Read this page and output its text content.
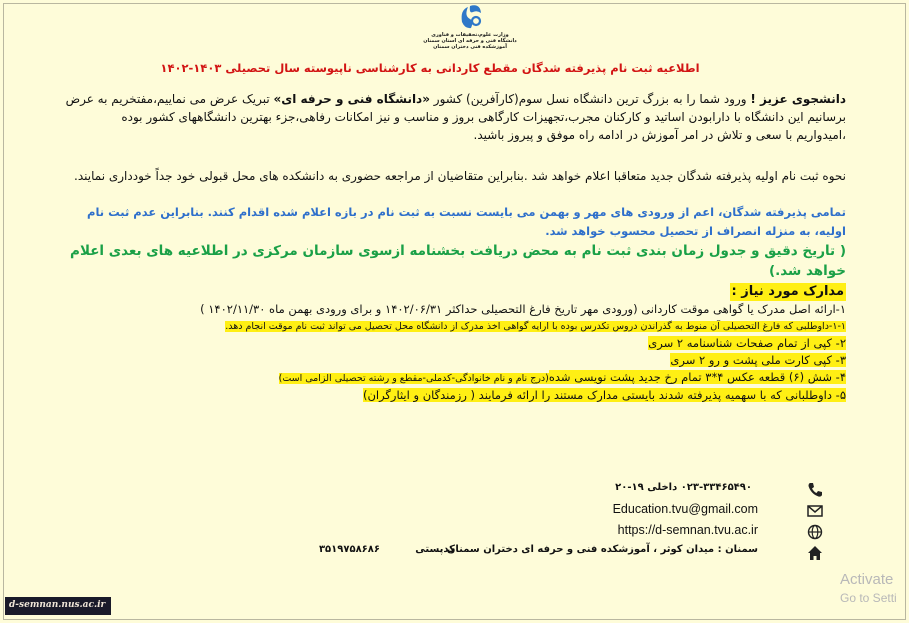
وزارت علوم،تحقیقات و فناوری
دانشگاه فنی و حرفه ای استان سمنان
آموزشکده فنی دختران سمنان
اطلاعیه ثبت نام پذیرفته شدگان مقطع کاردانی به کارشناسی ناپیوسته سال تحصیلی ۱۴۰۳-۱۴۰۲
دانشجوی عزیز ! ورود شما را به بزرگ ترین دانشگاه نسل سوم(کارآفرین) کشور «دانشگاه فنی و حرفه ای» تبریک عرض می نماییم،مفتخریم به عرض
برسانیم این دانشگاه با دارابودن اساتید و کارکنان مجرب،تجهیزات کارگاهی بروز و مناسب و نیز امکانات رفاهی،جزء بهترین دانشگاههای کشور بوده
،امیدواریم با سعی و تلاش در امر آموزش در ادامه راه موفق و پیروز باشید.
نحوه ثبت نام اولیه پذیرفته شدگان جدید متعاقبا اعلام خواهد شد .بنابراین متقاضیان از مراجعه حضوری به دانشکده های محل قبولی خود جداً خودداری نمایند.
تمامی پذیرفته شدگان، اعم از ورودی های مهر و بهمن می بایست نسبت به ثبت نام در بازه اعلام شده اقدام کنند. بنابراین عدم ثبت نام اولیه، به منزله انصراف از تحصیل محسوب خواهد شد.
( تاریخ دقیق و جدول زمان بندی ثبت نام به محض دریافت بخشنامه ازسوی سازمان مرکزی در اطلاعیه های بعدی اعلام خواهد شد.)
مدارک مورد نیاز :
۱-ارائه اصل مدرک یا گواهی موقت کاردانی (ورودی مهر تاریخ فارغ التحصیلی حداکثر ۱۴۰۲/۰۶/۳۱ و برای ورودی بهمن ماه ۱۴۰۲/۱۱/۳۰ )
۱-۱-داوطلبی که فارغ التحصیلی آن منوط به گذراندن دروس تکدرس بوده با ارایه گواهی اخذ مدرک از دانشگاه محل تحصیل می تواند ثبت نام موقت انجام دهد.
۲- کپی از تمام صفحات شناسنامه ۲ سری
۳- کپی کارت ملی پشت و رو ۲ سری
۴- شش (۶) قطعه عکس ۴*۳ تمام رخ جدید پشت نویسی شده(درج نام و نام خانوادگی-کدملی-مقطع و رشته تحصیلی الزامی است)
۵- داوطلبانی که با سهمیه پذیرفته شدند بایستی مدارک مستند را ارائه فرمایند ( رزمندگان و ایثارگران)
۰۲۳-۳۳۴۶۵۴۹۰ داخلی ۱۹-۲۰
Education.tvu@gmail.com
https://d-semnan.tvu.ac.ir
سمنان : میدان کوثر ، آموزشکده فنی و حرفه ای دختران سمنان
کدپستی
۳۵۱۹۷۵۸۶۸۶
d-semnan.nus.ac.ir
Activate
Go to Setti
